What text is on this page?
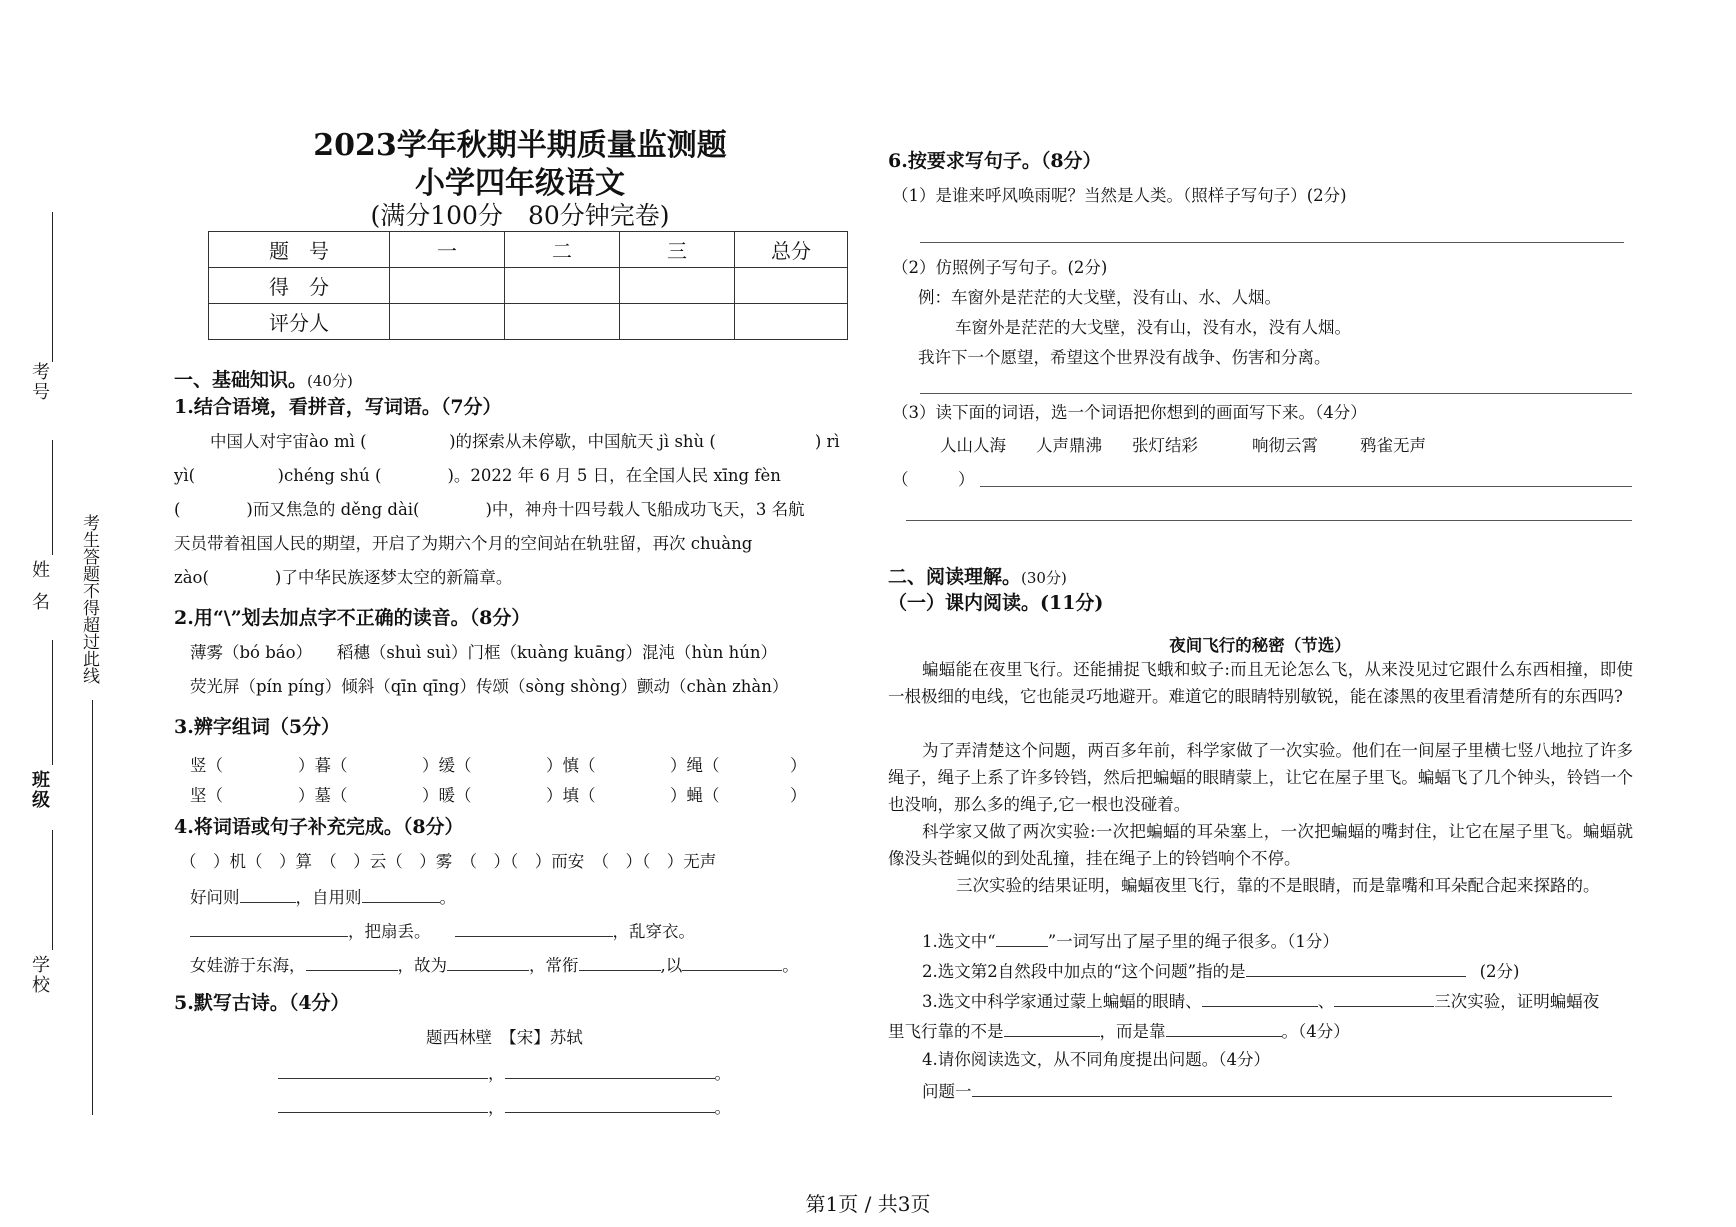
考号
姓名
班级
学校
考生答题不得超过此线
2023学年秋期半期质量监测题
小学四年级语文
(满分100分　80分钟完卷)
题　号	一	二	三	总分
得　分				
评分人				
一、基础知识。(40分)
1.结合语境，看拼音，写词语。（7分）
中国人对宇宙ào mì (　　　　　)的探索从未停歇，中国航天 jì shù (　　　　　　) rì
yì(　　　　　)chéng shú (　　　　)。2022 年 6 月 5 日，在全国人民 xīng fèn
(　　　　)而又焦急的 děng dài(　　　　)中，神舟十四号载人飞船成功飞天，3 名航
天员带着祖国人民的期望，开启了为期六个月的空间站在轨驻留，再次 chuàng
zào(　　　　)了中华民族逐梦太空的新篇章。
2.用“\”划去加点字不正确的读音。（8分）
薄雾（bó báo）　　稻穗（shuì suì）门框（kuàng kuāng）混沌（hùn hún）
荧光屏（pín píng）倾斜（qīn qīng）传颂（sòng shòng）颤动（chàn zhàn）
3.辨字组词（5分）
竖（	）暮（	）缓（	）慎（	）绳（	）
坚（	）墓（	）暖（	）填（	）蝇（	）
4.将词语或句子补充完成。（8分）
（　）机（　）算　（　）云（　）雾　（　）（　）而安　（　）（　）无声
好问则	，自用则	。
，把扇丢。	，乱穿衣。
女娃游于东海，	，故为	，常衔	,以	。
5.默写古诗。（4分）
题西林壁　【宋】苏轼
，	。
，	。
6.按要求写句子。（8分）
（1）是谁来呼风唤雨呢？当然是人类。（照样子写句子）(2分)
（2）仿照例子写句子。(2分)
例：车窗外是茫茫的大戈壁，没有山、水、人烟。
车窗外是茫茫的大戈壁，没有山，没有水，没有人烟。
我许下一个愿望，希望这个世界没有战争、伤害和分离。
（3）读下面的词语，选一个词语把你想到的画面写下来。（4分）
人山人海 人声鼎沸 张灯结彩	响彻云霄	鸦雀无声
（　　　）
二、阅读理解。(30分)
（一）课内阅读。(11分)
夜间飞行的秘密（节选）
蝙蝠能在夜里飞行。还能捕捉飞蛾和蚊子:而且无论怎么飞，从来没见过它跟什么东西相撞，即使一根极细的电线，它也能灵巧地避开。难道它的眼睛特别敏锐，能在漆黑的夜里看清楚所有的东西吗?
为了弄清楚这个问题，两百多年前，科学家做了一次实验。他们在一间屋子里横七竖八地拉了许多绳子，绳子上系了许多铃铛，然后把蝙蝠的眼睛蒙上，让它在屋子里飞。蝙蝠飞了几个钟头，铃铛一个也没响，那么多的绳子,它一根也没碰着。
科学家又做了两次实验:一次把蝙蝠的耳朵塞上，一次把蝙蝠的嘴封住，让它在屋子里飞。蝙蝠就像没头苍蝇似的到处乱撞，挂在绳子上的铃铛响个不停。
三次实验的结果证明，蝙蝠夜里飞行，靠的不是眼睛，而是靠嘴和耳朵配合起来探路的。
1.选文中“	”一词写出了屋子里的绳子很多。（1分）
2.选文第2自然段中加点的“这个问题”指的是	(2分)
3.选文中科学家通过蒙上蝙蝠的眼睛、	、	三次实验，证明蝙蝠夜
里飞行靠的不是	，而是靠	。（4分）
4.请你阅读选文，从不同角度提出问题。（4分）
问题一
第1页 / 共3页
